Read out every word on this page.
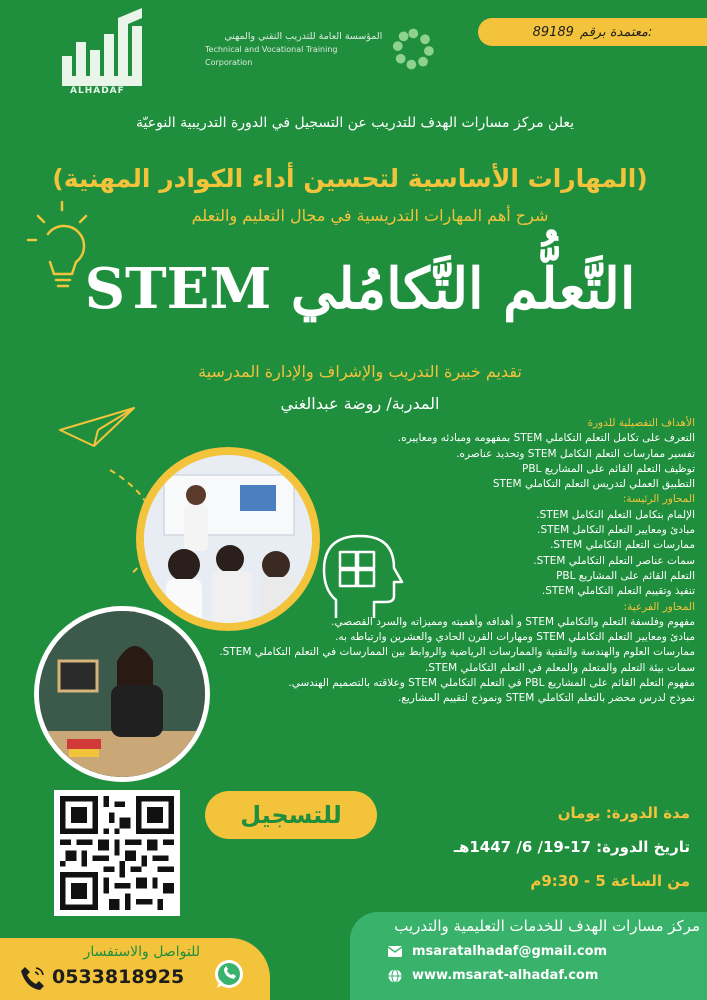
89189 معتمدة برقم:
المؤسسة العامة للتدريب التقني والمهني
Technical and Vocational Training Corporation
ALHADAF
يعلن مركز مسارات الهدف للتدريب عن التسجيل في الدورة التدريبية النوعيّة
(المهارات الأساسية لتحسين أداء الكوادر المهنية)
شرح أهم المهارات التدريسية في مجال التعليم والتعلم
التَّعلُّم التَّكامُلي STEM
تقديم خبيرة التدريب والإشراف والإدارة المدرسية
المدربة/ روضة عبدالغني
الأهداف التفصيلية للدورة

التعرف على تكامل التعلم التكاملي STEM بمفهومه ومبادئه ومعاييره.

تفسير ممارسات التعلم التكامل STEM وتحديد عناصره.

توظيف التعلم القائم على المشاريع PBL

التطبيق العملي لتدريس التعلم التكاملي STEM

المحاور الرئيسة:

الإلمام بتكامل التعلم التكامل STEM.

مبادئ ومعايير التعلم التكامل STEM.

ممارسات التعلم التكاملي STEM.

سمات عناصر التعلم التكاملي STEM.

التعلم القائم على المشاريع PBL

تنفيذ وتقييم التعلم التكاملي STEM.

المحاور الفرعية:

مفهوم وفلسفة التعلم والتكاملي STEM و أهدافه وأهميته ومميزاته والسرد القصصي.

مبادئ ومعايير التعلم التكاملي STEM ومهارات القرن الحادي والعشرين وارتباطه به.

ممارسات العلوم والهندسة والتقنية والممارسات الرياضية والروابط بين الممارسات في التعلم التكاملي STEM.

سمات بيئة التعلم والمتعلم والمعلم في التعلم التكاملي STEM.

مفهوم التعلم القائم على المشاريع PBL في التعلم التكاملي STEM وعلاقته بالتصميم الهندسي.

نموذج لدرس محضر بالتعلم التكاملي STEM ونموذج لتقييم المشاريع.

للتسجيل	مدة الدورة: يومان
تاريخ الدورة: 17-19/ 6/ 1447هـ
من الساعة 5 - 9:30م
للتواصل والاستفسار
0533818925
مركز مسارات الهدف للخدمات التعليمية والتدريب
msaratalhadaf@gmail.com
www.msarat-alhadaf.com
